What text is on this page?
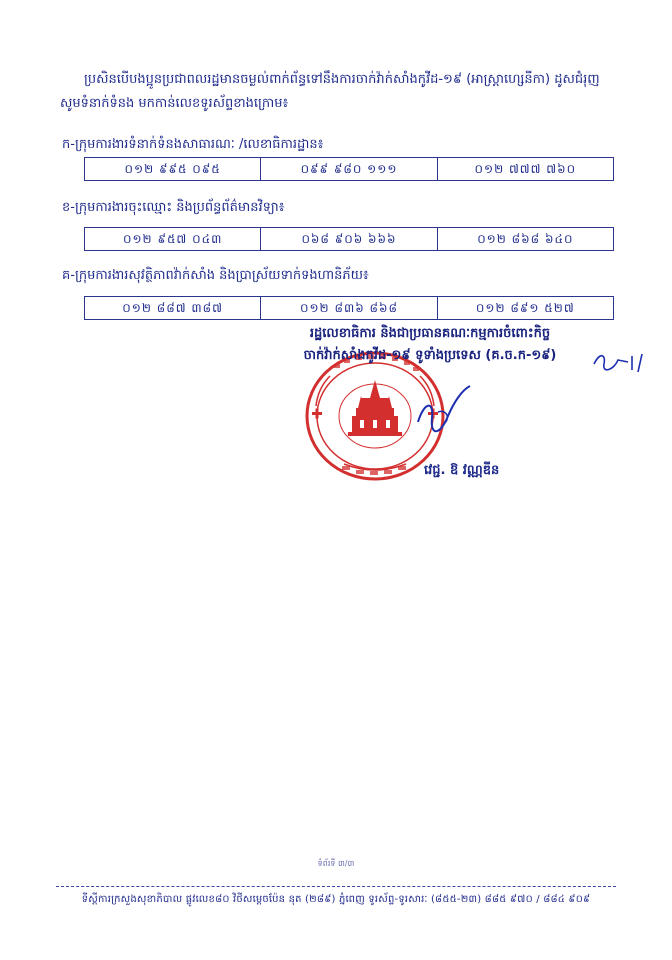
ប្រសិនបើបងប្អូនប្រជាពលរដ្ឋមានចម្ងល់ពាក់ព័ន្ធទៅនឹងការចាក់វ៉ាក់សាំងកូវីដ-១៩ (អាស្ត្រាហ្សេនីកា) ដូសជំរុញ សូមទំនាក់ទំនង មកកាន់លេខទូរស័ព្ទខាងក្រោម៖
ក-ក្រុមការងារទំនាក់ទំនងសាធារណៈ /លេខាធិការដ្ឋាន៖
០១២ ៩៩៥ ០៩៥	០៩៩ ៩៨០ ១១១	០១២ ៧៧៧ ៧៦០
ខ-ក្រុមការងារចុះឈ្មោះ និងប្រព័ន្ធព័ត៌មានវិទ្យា៖
០១២ ៩៥៧ ០៤៣	០៦៨ ៩០៦ ៦៦៦	០១២ ៨៦៨ ៦៤០
គ-ក្រុមការងារសុវត្ថិភាពវ៉ាក់សាំង និងប្រាស្រ័យទាក់ទងហានិភ័យ៖
០១២ ៨៨៧ ៣៨៧	០១២ ៨៣៦ ៨៦៨	០១២ ៨៩១ ៥២៧
រដ្ឋលេខាធិការ និងជាប្រធានគណៈកម្មការចំពោះកិច្ច
ចាក់វ៉ាក់សាំងកូវីដ-១៩ ទូទាំងប្រទេស (គ.ច.ក-១៩)
វេជ្ជ. ឱ វណ្ណឌីន
ទំព័រទី ៣/៣
ទីស្តីការក្រសួងសុខាភិបាល ផ្លូវលេខ៨០ វិថីសម្តេចប៉ែន នុត (២៨៩) ភ្នំពេញ ទូរស័ព្ទ-ទូរសារៈ (៨៥៥-២៣) ៨៨៥ ៩៧០ / ៨៨៤ ៩០៩
